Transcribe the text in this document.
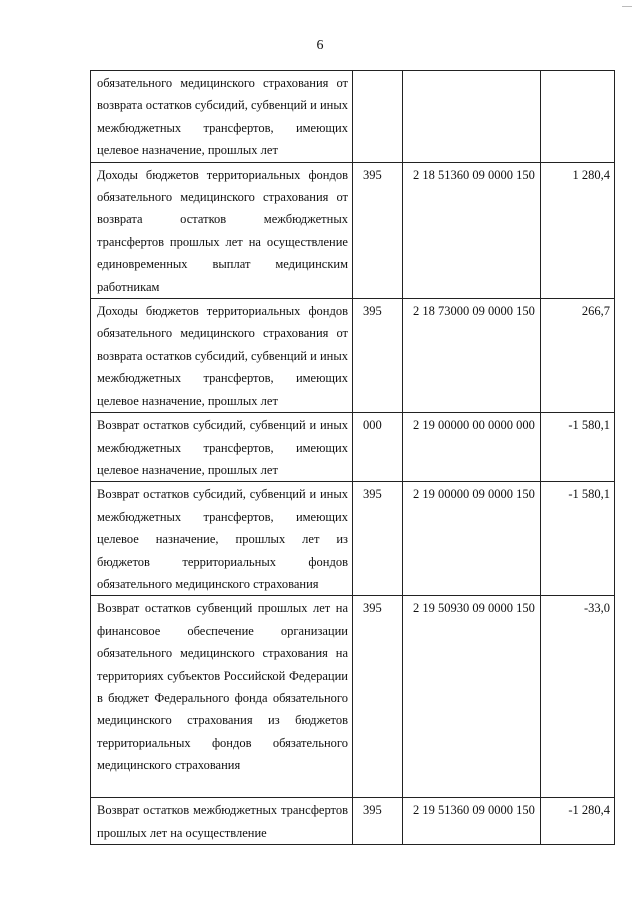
6
обязательного медицинского страхования от возврата остатков субсидий, субвенций и иных межбюджетных трансфертов, имеющих целевое назначение, прошлых лет			
Доходы бюджетов территориальных фондов обязательного медицинского страхования от возврата остатков межбюджетных трансфертов прошлых лет на осуществление единовременных выплат медицинским работникам	395	2 18 51360 09 0000 150	1 280,4
Доходы бюджетов территориальных фондов обязательного медицинского страхования от возврата остатков субсидий, субвенций и иных межбюджетных трансфертов, имеющих целевое назначение, прошлых лет	395	2 18 73000 09 0000 150	266,7
Возврат остатков субсидий, субвенций и иных межбюджетных трансфертов, имеющих целевое назначение, прошлых лет	000	2 19 00000 00 0000 000	-1 580,1
Возврат остатков субсидий, субвенций и иных межбюджетных трансфертов, имеющих целевое назначение, прошлых лет из бюджетов территориальных фондов обязательного медицинского страхования	395	2 19 00000 09 0000 150	-1 580,1
Возврат остатков субвенций прошлых лет на финансовое обеспечение организации обязательного медицинского страхования на территориях субъектов Российской Федерации в бюджет Федерального фонда обязательного медицинского страхования из бюджетов территориальных фондов обязательного медицинского страхования	395	2 19 50930 09 0000 150	-33,0
Возврат остатков межбюджетных трансфертов прошлых лет на осуществление	395	2 19 51360 09 0000 150	-1 280,4
